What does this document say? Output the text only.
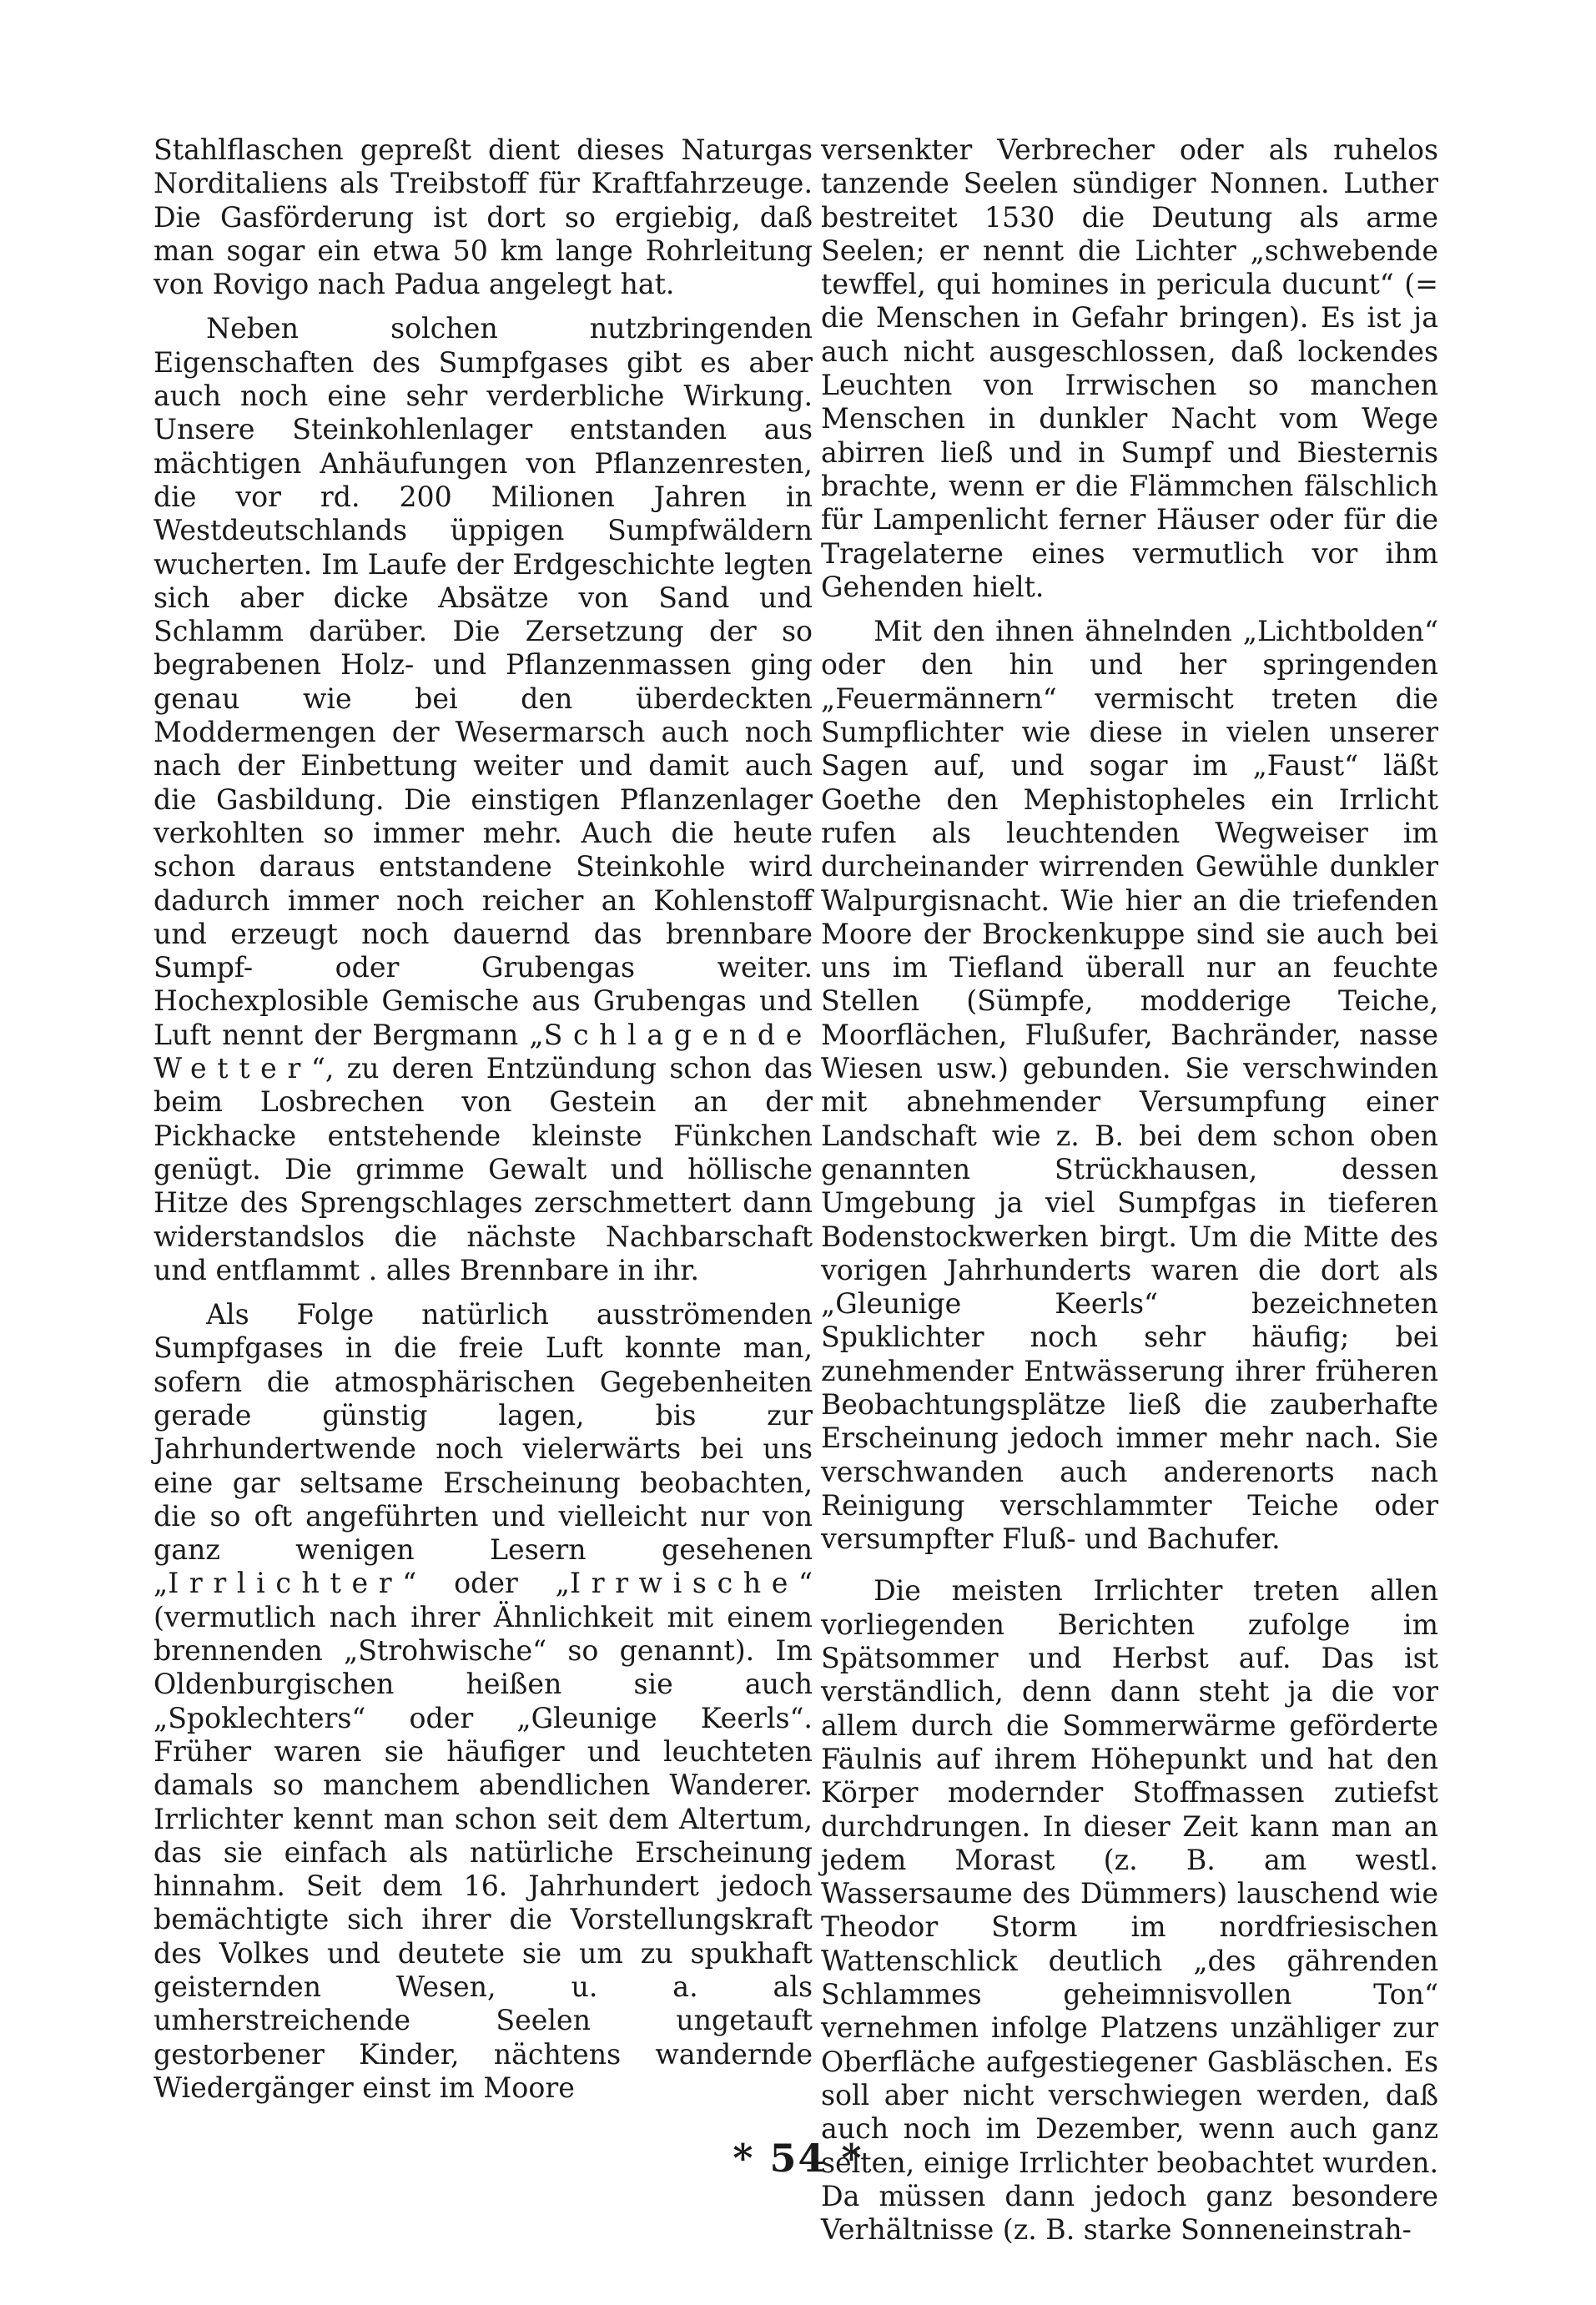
Stahlflaschen gepreßt dient dieses Naturgas Norditaliens als Treibstoff für Kraftfahrzeuge. Die Gasförderung ist dort so ergiebig, daß man sogar ein etwa 50 km lange Rohrleitung von Rovigo nach Padua angelegt hat.

Neben solchen nutzbringenden Eigenschaften des Sumpfgases gibt es aber auch noch eine sehr verderbliche Wirkung. Unsere Steinkohlenlager entstanden aus mächtigen Anhäufungen von Pflanzenresten, die vor rd. 200 Milionen Jahren in Westdeutschlands üppigen Sumpfwäldern wucherten. Im Laufe der Erdgeschichte legten sich aber dicke Absätze von Sand und Schlamm darüber. Die Zersetzung der so begrabenen Holz- und Pflanzenmassen ging genau wie bei den überdeckten Moddermengen der Wesermarsch auch noch nach der Einbettung weiter und damit auch die Gasbildung. Die einstigen Pflanzenlager verkohlten so immer mehr. Auch die heute schon daraus entstandene Steinkohle wird dadurch immer noch reicher an Kohlenstoff und erzeugt noch dauernd das brennbare Sumpf- oder Grubengas weiter. Hochexplosible Gemische aus Grubengas und Luft nennt der Bergmann „Schlagende Wetter“, zu deren Entzündung schon das beim Losbrechen von Gestein an der Pickhacke entstehende kleinste Fünkchen genügt. Die grimme Gewalt und höllische Hitze des Sprengschlages zerschmettert dann widerstandslos die nächste Nachbarschaft und entflammt . alles Brennbare in ihr.

Als Folge natürlich ausströmenden Sumpfgases in die freie Luft konnte man, sofern die atmosphärischen Gegebenheiten gerade günstig lagen, bis zur Jahrhundertwende noch vielerwärts bei uns eine gar seltsame Erscheinung beobachten, die so oft angeführten und vielleicht nur von ganz wenigen Lesern gesehenen „Irrlichter“ oder „Irrwische“ (vermutlich nach ihrer Ähnlichkeit mit einem brennenden „Strohwische“ so genannt). Im Oldenburgischen heißen sie auch „Spoklechters“ oder „Gleunige Keerls“. Früher waren sie häufiger und leuchteten damals so manchem abendlichen Wanderer. Irrlichter kennt man schon seit dem Altertum, das sie einfach als natürliche Erscheinung hinnahm. Seit dem 16. Jahrhundert jedoch bemächtigte sich ihrer die Vorstellungskraft des Volkes und deutete sie um zu spukhaft geisternden Wesen, u. a. als umherstreichende Seelen ungetauft gestorbener Kinder, nächtens wandernde Wiedergänger einst im Moore

versenkter Verbrecher oder als ruhelos tanzende Seelen sündiger Nonnen. Luther bestreitet 1530 die Deutung als arme Seelen; er nennt die Lichter „schwebende tewffel, qui homines in pericula ducunt“ (= die Menschen in Gefahr bringen). Es ist ja auch nicht ausgeschlossen, daß lockendes Leuchten von Irrwischen so manchen Menschen in dunkler Nacht vom Wege abirren ließ und in Sumpf und Biesternis brachte, wenn er die Flämmchen fälschlich für Lampenlicht ferner Häuser oder für die Tragelaterne eines vermutlich vor ihm Gehenden hielt.

Mit den ihnen ähnelnden „Lichtbolden“ oder den hin und her springenden „Feuermännern“ vermischt treten die Sumpflichter wie diese in vielen unserer Sagen auf, und sogar im „Faust“ läßt Goethe den Mephistopheles ein Irrlicht rufen als leuchtenden Wegweiser im durcheinander wirrenden Gewühle dunkler Walpurgisnacht. Wie hier an die triefenden Moore der Brockenkuppe sind sie auch bei uns im Tiefland überall nur an feuchte Stellen (Sümpfe, modderige Teiche, Moorflächen, Flußufer, Bachränder, nasse Wiesen usw.) gebunden. Sie verschwinden mit abnehmender Versumpfung einer Landschaft wie z. B. bei dem schon oben genannten Strückhausen, dessen Umgebung ja viel Sumpfgas in tieferen Bodenstockwerken birgt. Um die Mitte des vorigen Jahrhunderts waren die dort als „Gleunige Keerls“ bezeichneten Spuklichter noch sehr häufig; bei zunehmender Entwässerung ihrer früheren Beobachtungsplätze ließ die zauberhafte Erscheinung jedoch immer mehr nach. Sie verschwanden auch anderenorts nach Reinigung verschlammter Teiche oder versumpfter Fluß- und Bachufer.

Die meisten Irrlichter treten allen vorliegenden Berichten zufolge im Spätsommer und Herbst auf. Das ist verständlich, denn dann steht ja die vor allem durch die Sommerwärme geförderte Fäulnis auf ihrem Höhepunkt und hat den Körper modernder Stoffmassen zutiefst durchdrungen. In dieser Zeit kann man an jedem Morast (z. B. am westl. Wassersaume des Dümmers) lauschend wie Theodor Storm im nordfriesischen Wattenschlick deutlich „des gährenden Schlammes geheimnisvollen Ton“ vernehmen infolge Platzens unzähliger zur Oberfläche aufgestiegener Gasbläschen. Es soll aber nicht verschwiegen werden, daß auch noch im Dezember, wenn auch ganz selten, einige Irrlichter beobachtet wurden. Da müssen dann jedoch ganz besondere Verhältnisse (z. B. starke Sonneneinstrah-

* 54 *
